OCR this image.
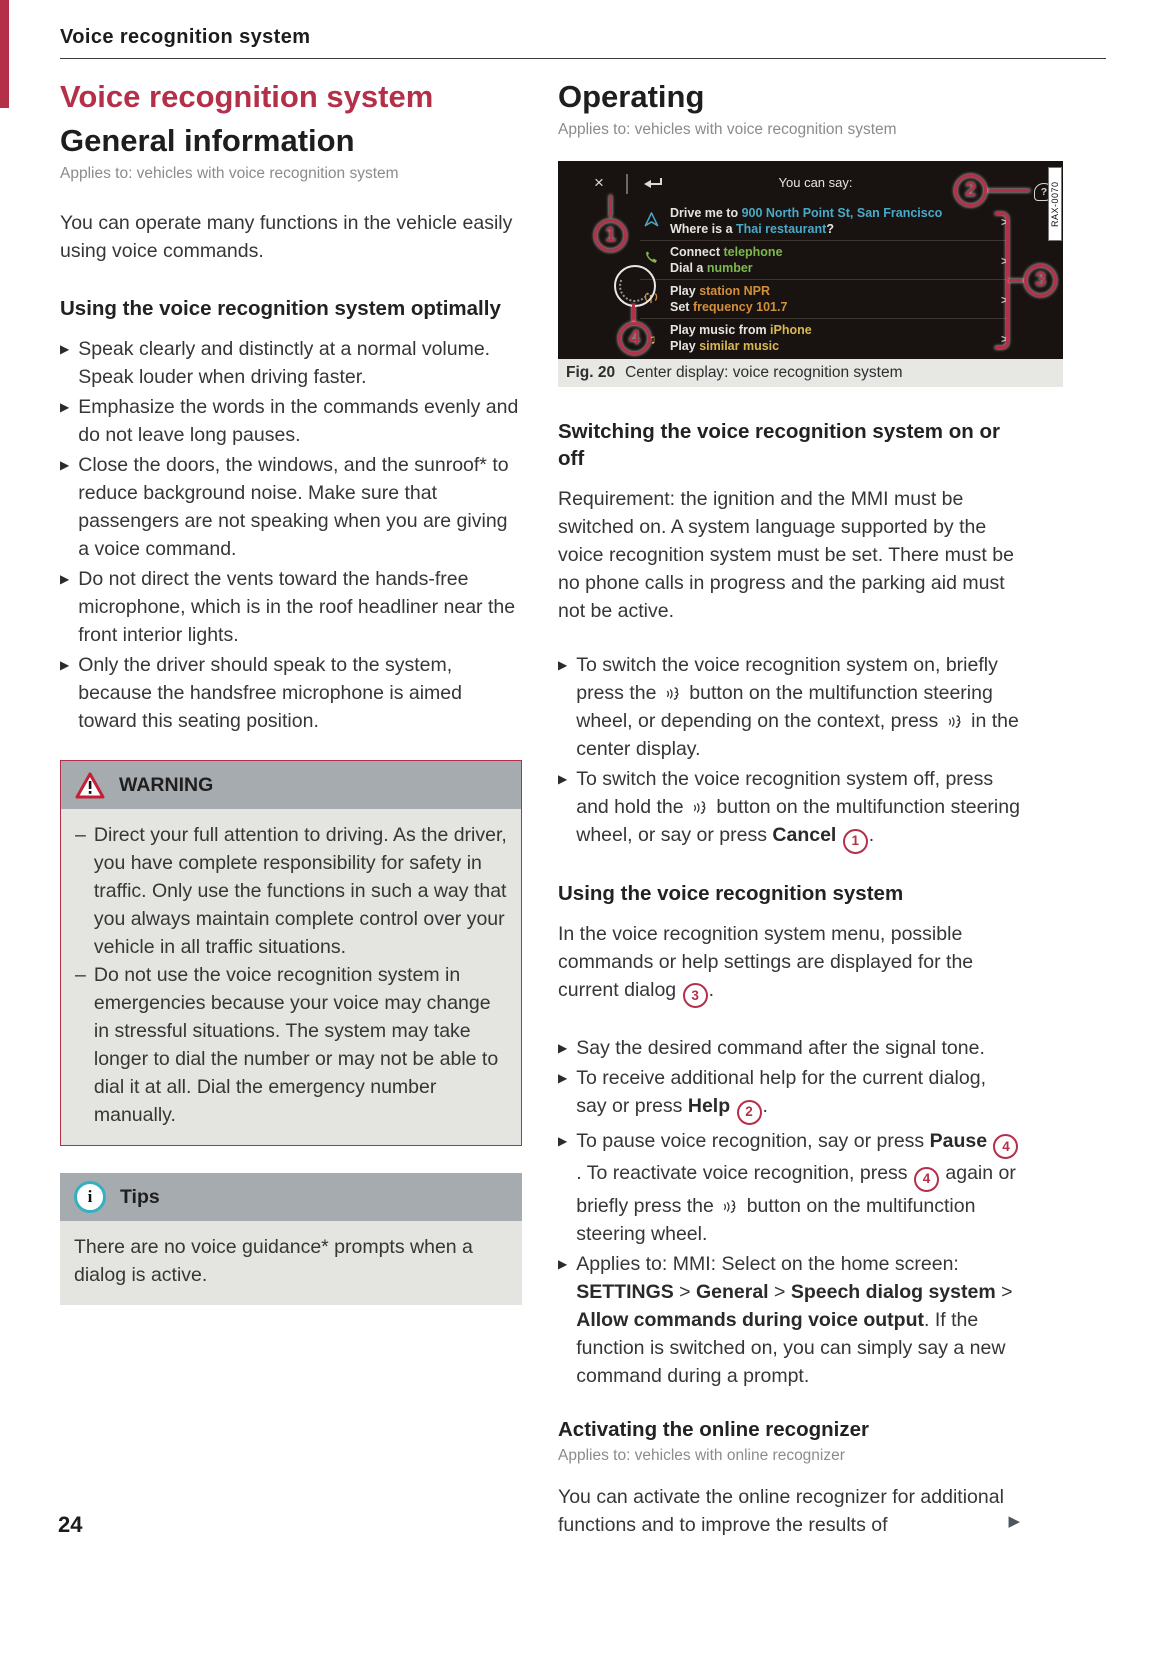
Voice recognition system
Voice recognition system
General information

Applies to: vehicles with voice recognition system

You can operate many functions in the vehicle easily using voice commands.

Using the voice recognition system optimally
▶ Speak clearly and distinctly at a normal volume. Speak louder when driving faster.
▶ Emphasize the words in the commands evenly and do not leave long pauses.
▶ Close the doors, the windows, and the sunroof* to reduce background noise. Make sure that passengers are not speaking when you are giving a voice command.
▶ Do not direct the vents toward the hands-free microphone, which is in the roof headliner near the front interior lights.
▶ Only the driver should speak to the system, because the handsfree microphone is aimed toward this seating position.
WARNING
– Direct your full attention to driving. As the driver, you have complete responsibility for safety in traffic. Only use the functions in such a way that you always maintain complete control over your vehicle in all traffic situations.
– Do not use the voice recognition system in emergencies because your voice may change in stressful situations. The system may take longer to dial the number or may not be able to dial it at all. Dial the emergency number manually.
i	Tips
There are no voice guidance* prompts when a dialog is active.
Operating

Applies to: vehicles with voice recognition system

×	You can say:
? RAX-0070
Drive me to 900 North Point St, San Francisco
Where is a Thai restaurant?	>
Connect telephone
Dial a number	>
Play station NPR
Set frequency 101.7	>
♫
Play music from iPhone
Play similar music	>
1
2
3
4
Fig. 20 Center display: voice recognition system
Switching the voice recognition system on or off

Requirement: the ignition and the MMI must be switched on. A system language supported by the voice recognition system must be set. There must be no phone calls in progress and the parking aid must not be active.

▶ To switch the voice recognition system on, briefly press the  button on the multifunction steering wheel, or depending on the context, press  in the center display.
▶ To switch the voice recognition system off, press and hold the  button on the multifunction steering wheel, or say or press Cancel 1 .
Using the voice recognition system

In the voice recognition system menu, possible commands or help settings are displayed for the current dialog 3 .

▶ Say the desired command after the signal tone.
▶ To receive additional help for the current dialog, say or press Help 2 .
▶ To pause voice recognition, say or press Pause 4. To reactivate voice recognition, press 4 again or briefly press the  button on the multifunction steering wheel.
▶ Applies to: MMI: Select on the home screen: SETTINGS > General > Speech dialog system > Allow commands during voice output. If the function is switched on, you can simply say a new command during a prompt.
Activating the online recognizer

Applies to: vehicles with online recognizer

You can activate the online recognizer for additional functions and to improve the results of	▶

24
